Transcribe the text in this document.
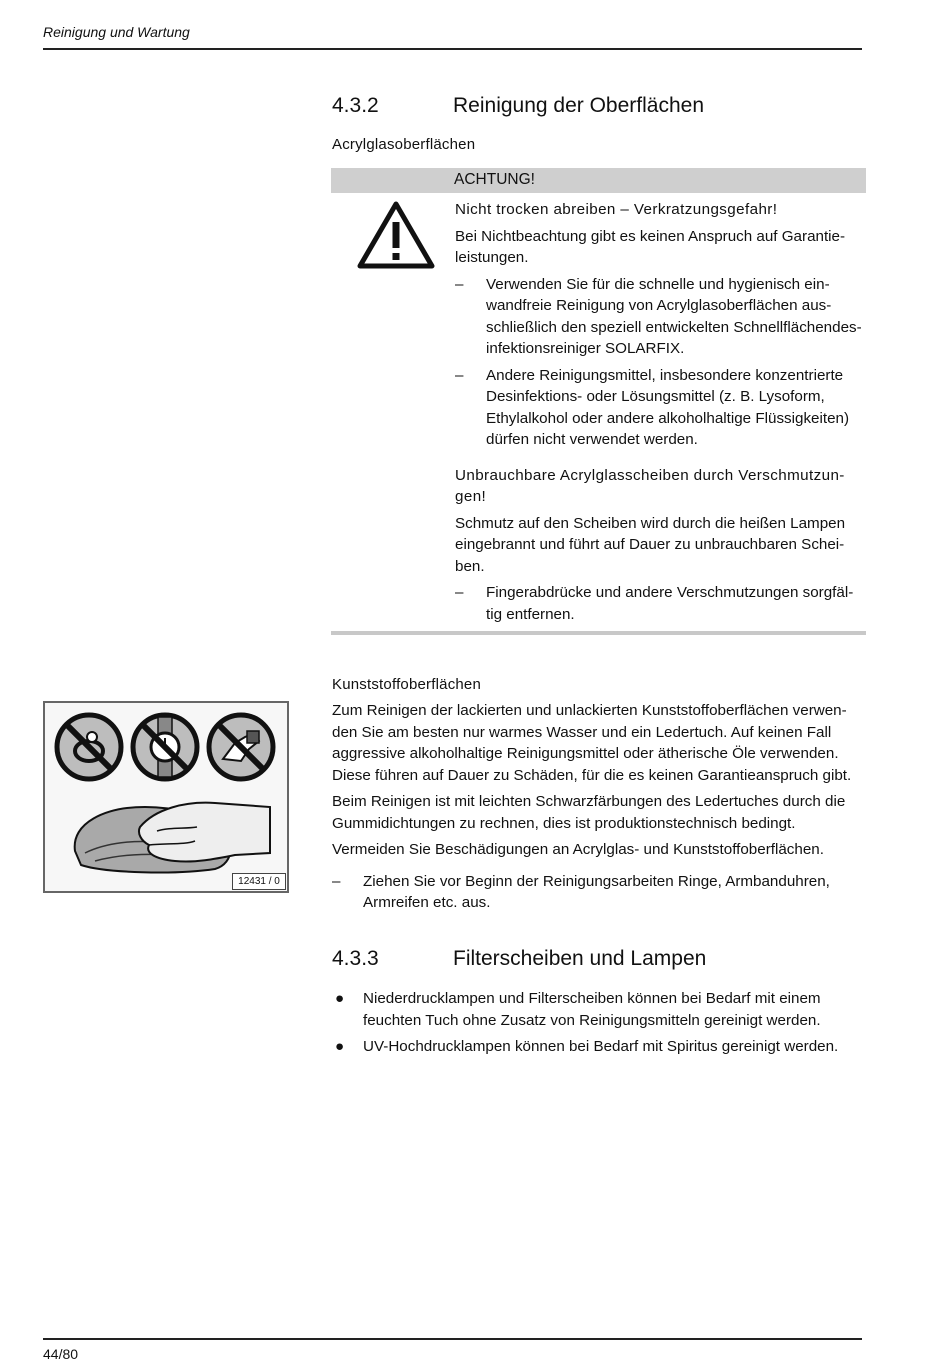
Reinigung und Wartung
4.3.2	Reinigung der Oberflächen
Acrylglasoberflächen
ACHTUNG!

Nicht trocken abreiben – Verkratzungsgefahr!

Bei Nichtbeachtung gibt es keinen Anspruch auf Garantie-leistungen.

– Verwenden Sie für die schnelle und hygienisch ein-wandfreie Reinigung von Acrylglasoberflächen aus-schließlich den speziell entwickelten Schnellflächendes-infektionsreiniger SOLARFIX.
– Andere Reinigungsmittel, insbesondere konzentrierte Desinfektions- oder Lösungsmittel (z. B. Lysoform, Ethylalkohol oder andere alkoholhaltige Flüssigkeiten) dürfen nicht verwendet werden.

Unbrauchbare Acrylglasscheiben durch Verschmutzun-gen!

Schmutz auf den Scheiben wird durch die heißen Lampen eingebrannt und führt auf Dauer zu unbrauchbaren Schei-ben.

– Fingerabdrücke und andere Verschmutzungen sorgfäl-tig entfernen.
12431 / 0
Kunststoffoberflächen

Zum Reinigen der lackierten und unlackierten Kunststoffoberflächen verwen-den Sie am besten nur warmes Wasser und ein Ledertuch. Auf keinen Fall aggressive alkoholhaltige Reinigungsmittel oder ätherische Öle verwenden. Diese führen auf Dauer zu Schäden, für die es keinen Garantieanspruch gibt.

Beim Reinigen ist mit leichten Schwarzfärbungen des Ledertuches durch die Gummidichtungen zu rechnen, dies ist produktionstechnisch bedingt.

Vermeiden Sie Beschädigungen an Acrylglas- und Kunststoffoberflächen.

– Ziehen Sie vor Beginn der Reinigungsarbeiten Ringe, Armbanduhren, Armreifen etc. aus.
4.3.3	Filterscheiben und Lampen
● Niederdrucklampen und Filterscheiben können bei Bedarf mit einem feuchten Tuch ohne Zusatz von Reinigungsmitteln gereinigt werden.
● UV-Hochdrucklampen können bei Bedarf mit Spiritus gereinigt werden.
44/80
